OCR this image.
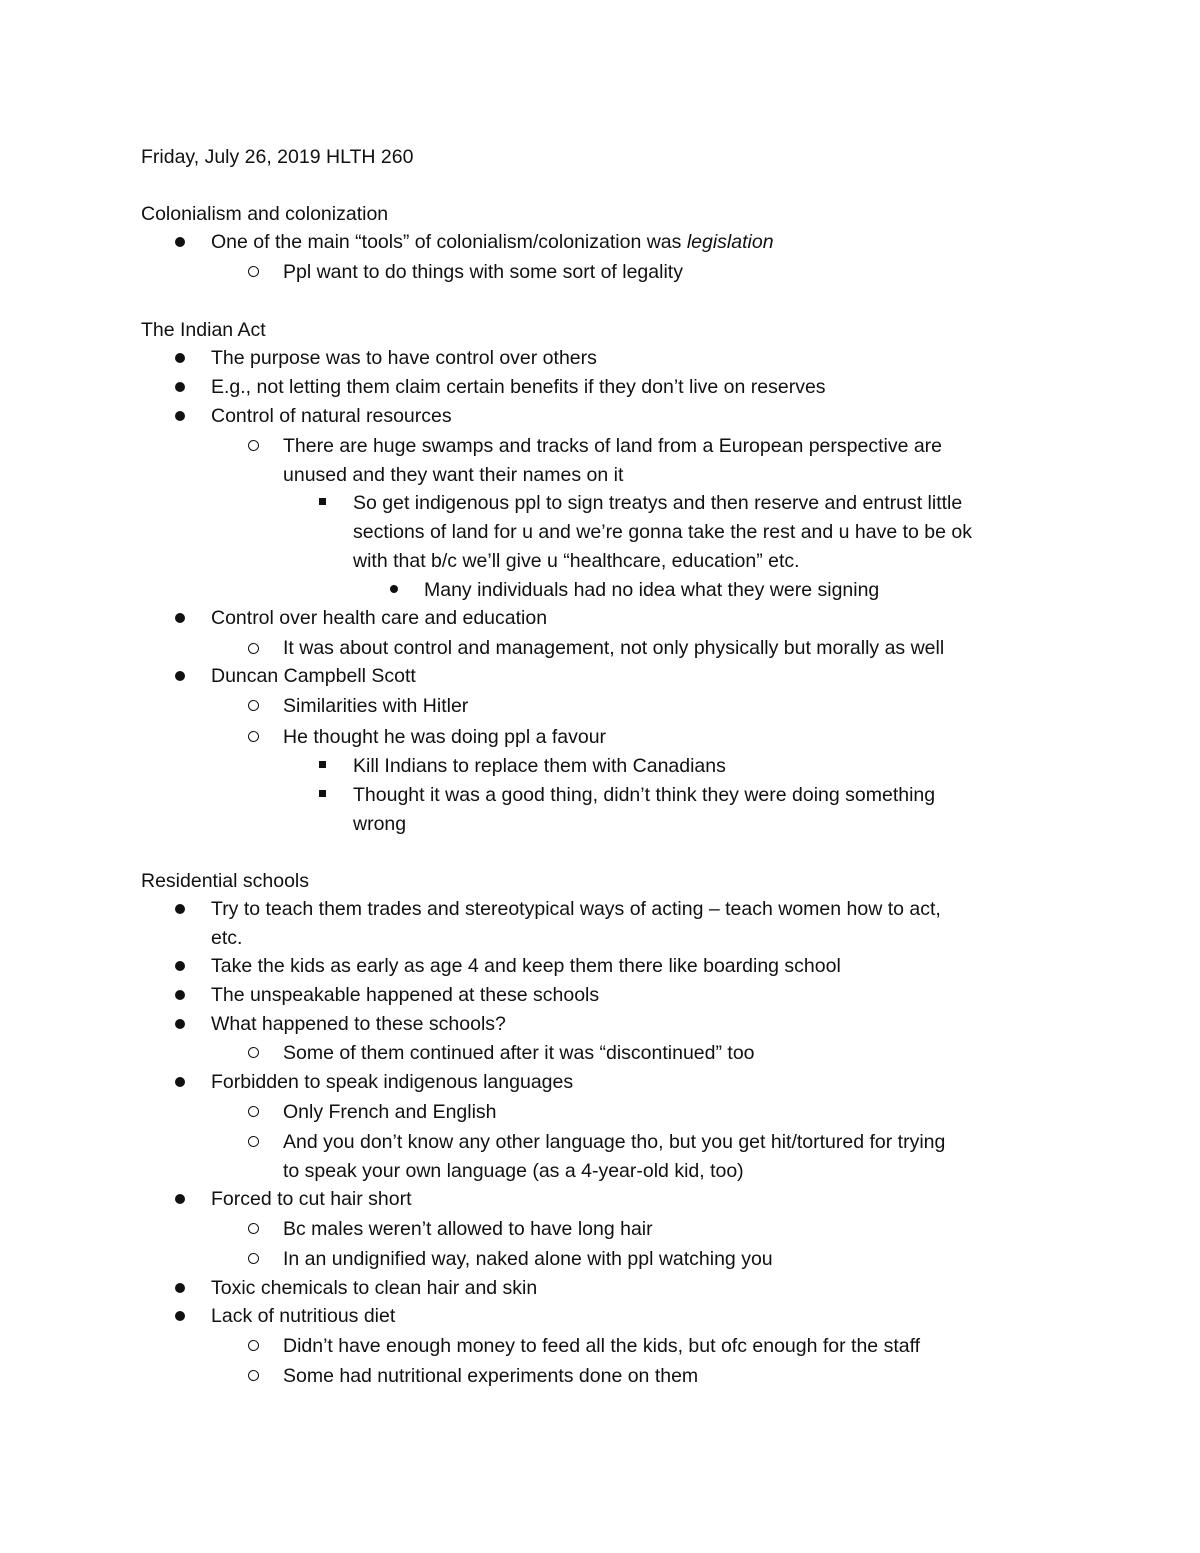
Friday, July 26, 2019 HLTH 260
Colonialism and colonization
One of the main “tools” of colonialism/colonization was legislation
Ppl want to do things with some sort of legality
The Indian Act
The purpose was to have control over others
E.g., not letting them claim certain benefits if they don’t live on reserves
Control of natural resources
There are huge swamps and tracks of land from a European perspective are
unused and they want their names on it
So get indigenous ppl to sign treatys and then reserve and entrust little
sections of land for u and we’re gonna take the rest and u have to be ok
with that b/c we’ll give u “healthcare, education” etc.
Many individuals had no idea what they were signing
Control over health care and education
It was about control and management, not only physically but morally as well
Duncan Campbell Scott
Similarities with Hitler
He thought he was doing ppl a favour
Kill Indians to replace them with Canadians
Thought it was a good thing, didn’t think they were doing something
wrong
Residential schools
Try to teach them trades and stereotypical ways of acting – teach women how to act,
etc.
Take the kids as early as age 4 and keep them there like boarding school
The unspeakable happened at these schools
What happened to these schools?
Some of them continued after it was “discontinued” too
Forbidden to speak indigenous languages
Only French and English
And you don’t know any other language tho, but you get hit/tortured for trying
to speak your own language (as a 4-year-old kid, too)
Forced to cut hair short
Bc males weren’t allowed to have long hair
In an undignified way, naked alone with ppl watching you
Toxic chemicals to clean hair and skin
Lack of nutritious diet
Didn’t have enough money to feed all the kids, but ofc enough for the staff
Some had nutritional experiments done on them
